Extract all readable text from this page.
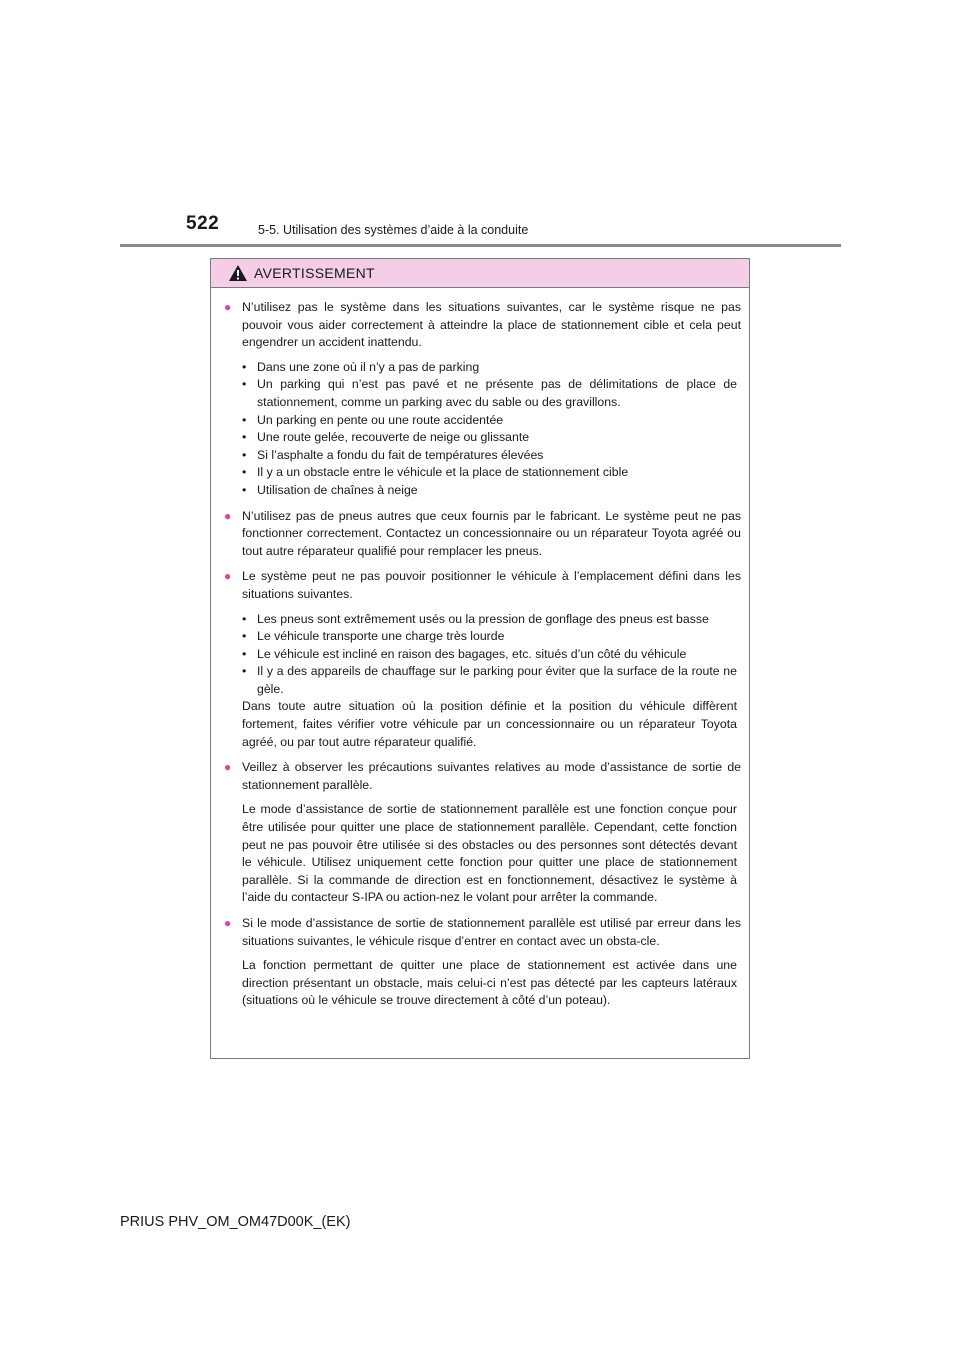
522	5-5. Utilisation des systèmes d’aide à la conduite
AVERTISSEMENT
● N’utilisez pas le système dans les situations suivantes, car le système risque ne pas pouvoir vous aider correctement à atteindre la place de stationnement cible et cela peut engendrer un accident inattendu.

• Dans une zone où il n’y a pas de parking
• Un parking qui n’est pas pavé et ne présente pas de délimitations de place de stationnement, comme un parking avec du sable ou des gravillons.
• Un parking en pente ou une route accidentée
• Une route gelée, recouverte de neige ou glissante
• Si l’asphalte a fondu du fait de températures élevées
• Il y a un obstacle entre le véhicule et la place de stationnement cible
• Utilisation de chaînes à neige
● N’utilisez pas de pneus autres que ceux fournis par le fabricant. Le système peut ne pas fonctionner correctement. Contactez un concessionnaire ou un réparateur Toyota agréé ou tout autre réparateur qualifié pour remplacer les pneus.

● Le système peut ne pas pouvoir positionner le véhicule à l’emplacement défini dans les situations suivantes.

• Les pneus sont extrêmement usés ou la pression de gonflage des pneus est basse
• Le véhicule transporte une charge très lourde
• Le véhicule est incliné en raison des bagages, etc. situés d’un côté du véhicule
• Il y a des appareils de chauffage sur le parking pour éviter que la surface de la route ne gèle.

Dans toute autre situation où la position définie et la position du véhicule diffèrent fortement, faites vérifier votre véhicule par un concessionnaire ou un réparateur Toyota agréé, ou par tout autre réparateur qualifié.

● Veillez à observer les précautions suivantes relatives au mode d’assistance de sortie de stationnement parallèle.

Le mode d’assistance de sortie de stationnement parallèle est une fonction conçue pour être utilisée pour quitter une place de stationnement parallèle. Cependant, cette fonction peut ne pas pouvoir être utilisée si des obstacles ou des personnes sont détectés devant le véhicule. Utilisez uniquement cette fonction pour quitter une place de stationnement parallèle. Si la commande de direction est en fonctionnement, désactivez le système à l’aide du contacteur S-IPA ou action-nez le volant pour arrêter la commande.

● Si le mode d’assistance de sortie de stationnement parallèle est utilisé par erreur dans les situations suivantes, le véhicule risque d’entrer en contact avec un obsta-cle.

La fonction permettant de quitter une place de stationnement est activée dans une direction présentant un obstacle, mais celui-ci n’est pas détecté par les capteurs latéraux (situations où le véhicule se trouve directement à côté d’un poteau).

PRIUS PHV_OM_OM47D00K_(EK)
